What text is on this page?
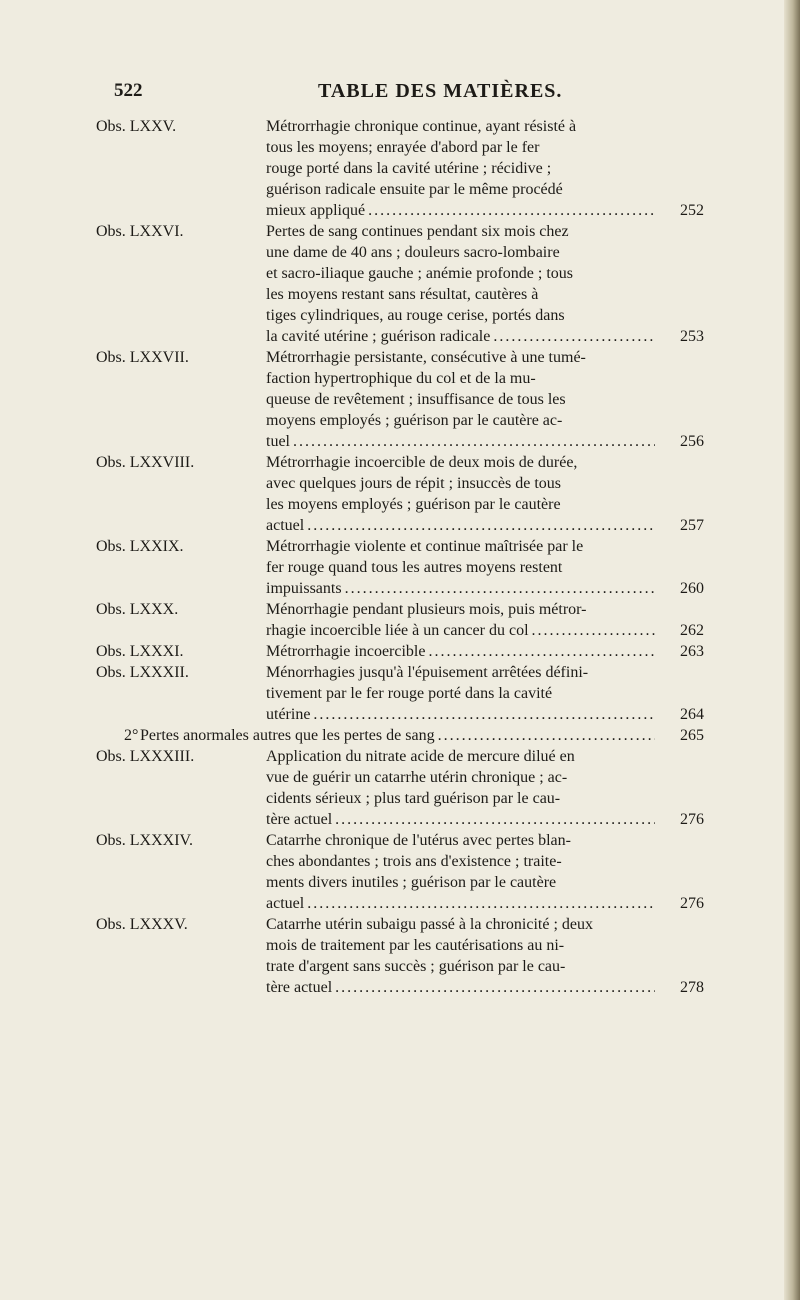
522	TABLE DES MATIÈRES.
Obs. LXXV.	Métrorrhagie chronique continue, ayant résisté à
tous les moyens; enrayée d'abord par le fer
rouge porté dans la cavité utérine ; récidive ;
guérison radicale ensuite par le même procédé
mieux appliqué .....	252
Obs. LXXVI.	Pertes de sang continues pendant six mois chez
une dame de 40 ans ; douleurs sacro-lombaire
et sacro-iliaque gauche ; anémie profonde ; tous
les moyens restant sans résultat, cautères à
tiges cylindriques, au rouge cerise, portés dans
la cavité utérine ; guérison radicale .....	253
Obs. LXXVII.	Métrorrhagie persistante, consécutive à une tumé-
faction hypertrophique du col et de la mu-
queuse de revêtement ; insuffisance de tous les
moyens employés ; guérison par le cautère ac-
tuel .....	256
Obs. LXXVIII.	Métrorrhagie incoercible de deux mois de durée,
avec quelques jours de répit ; insuccès de tous
les moyens employés ; guérison par le cautère
actuel .....	257
Obs. LXXIX.	Métrorrhagie violente et continue maîtrisée par le
fer rouge quand tous les autres moyens restent
impuissants .....	260
Obs. LXXX.	Ménorrhagie pendant plusieurs mois, puis métror-
rhagie incoercible liée à un cancer du col .....	262
Obs. LXXXI.	Métrorrhagie incoercible .....	263
Obs. LXXXII.	Ménorrhagies jusqu'à l'épuisement arrêtées défini-
tivement par le fer rouge porté dans la cavité
utérine .....	264
2° Pertes anormales autres que les pertes de sang .....	265
Obs. LXXXIII.	Application du nitrate acide de mercure dilué en
vue de guérir un catarrhe utérin chronique ; ac-
cidents sérieux ; plus tard guérison par le cau-
tère actuel .....	276
Obs. LXXXIV.	Catarrhe chronique de l'utérus avec pertes blan-
ches abondantes ; trois ans d'existence ; traite-
ments divers inutiles ; guérison par le cautère
actuel .....	276
Obs. LXXXV.	Catarrhe utérin subaigu passé à la chronicité ; deux
mois de traitement par les cautérisations au ni-
trate d'argent sans succès ; guérison par le cau-
tère actuel .....	278
